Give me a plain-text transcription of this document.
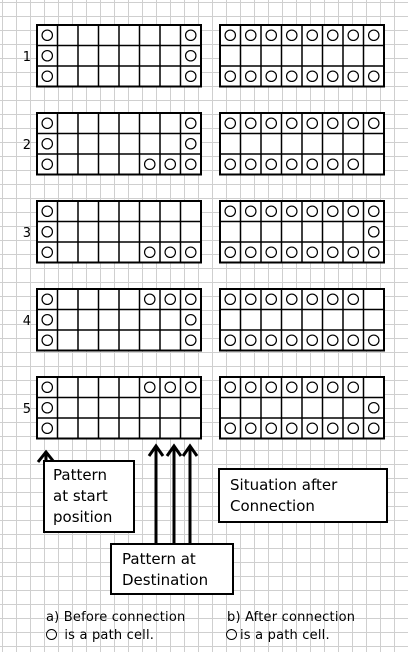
1
2
3
4
5
Pattern
at start
position
Situation after
Connection
Pattern at
Destination
a) Before connection
is a path cell.
b) After connection
is a path cell.
